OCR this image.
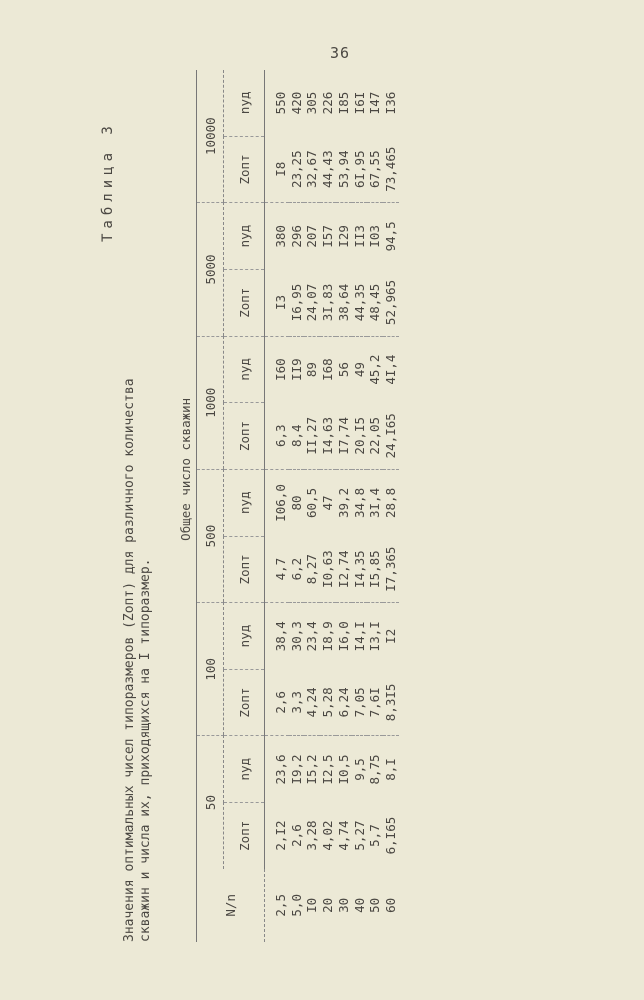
36
Таблица 3
Значения оптимальных чисел типоразмеров (Zопт) для различного количества скважин и числа их, приходящихся на I типоразмер.
	Общее число скважин											
N/n	50		100		500		1000		5000		10000	
	Zопт	nуд	Zопт	nуд	Zопт	nуд	Zопт	nуд	Zопт	nуд	Zопт	nуд
2,5	2,I2	23,6	2,6	38,4	4,7	I06,0	6,3	I60	I3	380	I8	550
5,0	2,6	I9,2	3,3	30,3	6,2	80	8,4	II9	I6,95	296	23,25	420
I0	3,28	I5,2	4,24	23,4	8,27	60,5	II,27	89	24,07	207	32,67	305
20	4,02	I2,5	5,28	I8,9	I0,63	47	I4,63	I68	3I,83	I57	44,43	226
30	4,74	I0,5	6,24	I6,0	I2,74	39,2	I7,74	56	38,64	I29	53,94	I85
40	5,27	9,5	7,05	I4,I	I4,35	34,8	20,I5	49	44,35	II3	6I,95	I6I
50	5,7	8,75	7,6I	I3,I	I5,85	3I,4	22,05	45,2	48,45	I03	67,55	I47
60	6,I65	8,I	8,3I5	I2	I7,365	28,8	24,I65	4I,4	52,965	94,5	73,465	I36
